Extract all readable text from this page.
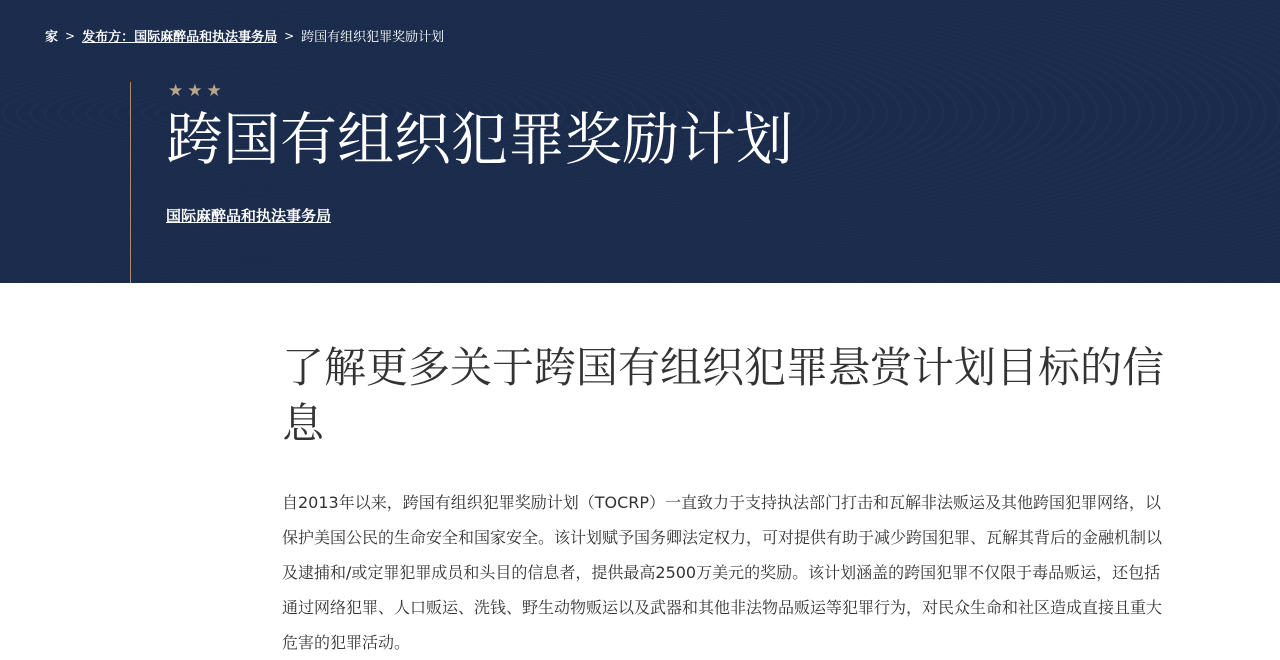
家 > 发布方：国际麻醉品和执法事务局 > 跨国有组织犯罪奖励计划
★★★
跨国有组织犯罪奖励计划
国际麻醉品和执法事务局
了解更多关于跨国有组织犯罪悬赏计划目标的信息

自2013年以来，跨国有组织犯罪奖励计划（TOCRP）一直致力于支持执法部门打击和瓦解非法贩运及其他跨国犯罪网络，以保护美国公民的生命安全和国家安全。该计划赋予国务卿法定权力，可对提供有助于减少跨国犯罪、瓦解其背后的金融机制以及逮捕和/或定罪犯罪成员和头目的信息者，提供最高2500万美元的奖励。该计划涵盖的跨国犯罪不仅限于毒品贩运，还包括通过网络犯罪、人口贩运、洗钱、野生动物贩运以及武器和其他非法物品贩运等犯罪行为，对民众生命和社区造成直接且重大危害的犯罪活动。
